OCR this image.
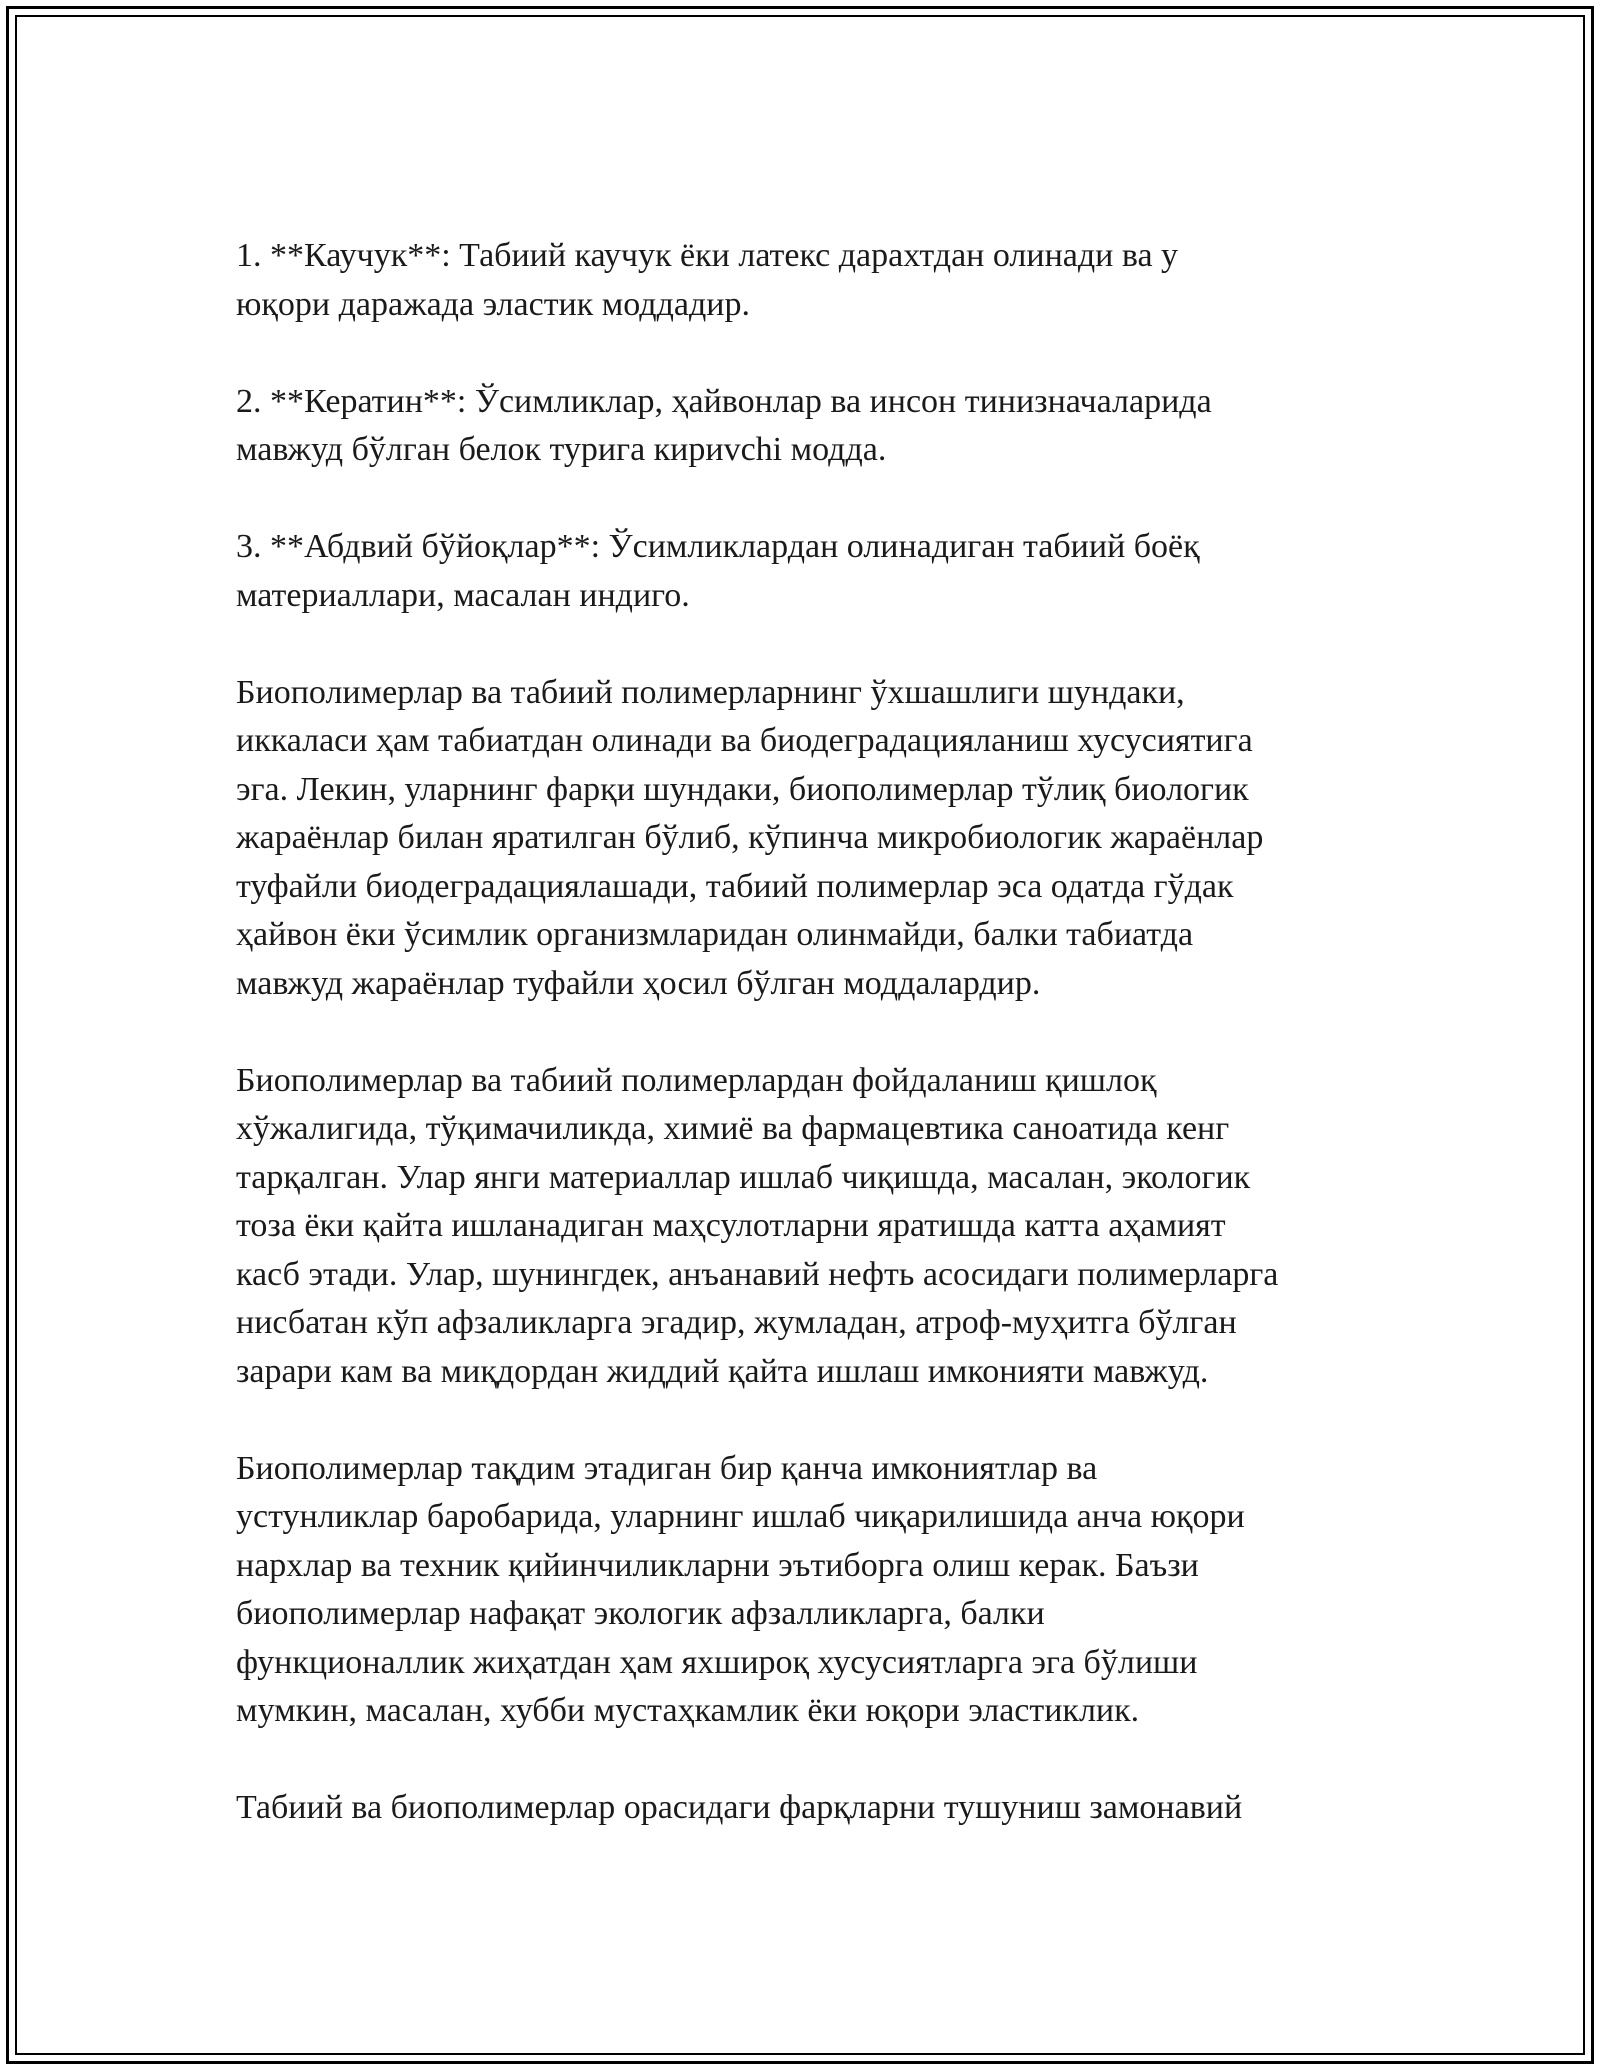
1. **Каучук**: Табиий каучук ёки латекс дарахтдан олинади ва у
юқори даражада эластик моддадир.

2. **Кератин**: Ўсимликлар, ҳайвонлар ва инсон тинизначаларида
мавжуд бўлган белок турига кириvchi модда.

3. **Абдвий бўйоқлар**: Ўсимликлардан олинадиган табиий боёқ
материаллари, масалан индиго.

Биополимерлар ва табиий полимерларнинг ўхшашлиги шундаки,
иккаласи ҳам табиатдан олинади ва биодеградацияланиш хусусиятига
эга. Лекин, уларнинг фарқи шундаки, биополимерлар тўлиқ биологик
жараёнлар билан яратилган бўлиб, кўпинча микробиологик жараёнлар
туфайли биодеградациялашади, табиий полимерлар эса одатда гўдак
ҳайвон ёки ўсимлик организмларидан олинмайди, балки табиатда
мавжуд жараёнлар туфайли ҳосил бўлган моддалардир.

Биополимерлар ва табиий полимерлардан фойдаланиш қишлоқ
хўжалигида, тўқимачиликда, химиё ва фармацевтика саноатида кенг
тарқалган. Улар янги материаллар ишлаб чиқишда, масалан, экологик
тоза ёки қайта ишланадиган маҳсулотларни яратишда катта аҳамият
касб этади. Улар, шунингдек, анъанавий нефть асосидаги полимерларга
нисбатан кўп афзаликларга эгадир, жумладан, атроф-муҳитга бўлган
зарари кам ва миқдордан жиддий қайта ишлаш имконияти мавжуд.

Биополимерлар тақдим этадиган бир қанча имкониятлар ва
устунликлар баробарида, уларнинг ишлаб чиқарилишида анча юқори
нархлар ва техник қийинчиликларни эътиборга олиш керак. Баъзи
биополимерлар нафақат экологик афзалликларга, балки
функционаллик жиҳатдан ҳам яхшироқ хусусиятларга эга бўлиши
мумкин, масалан, хубби мустаҳкамлик ёки юқори эластиклик.

Табиий ва биополимерлар орасидаги фарқларни тушуниш замонавий
